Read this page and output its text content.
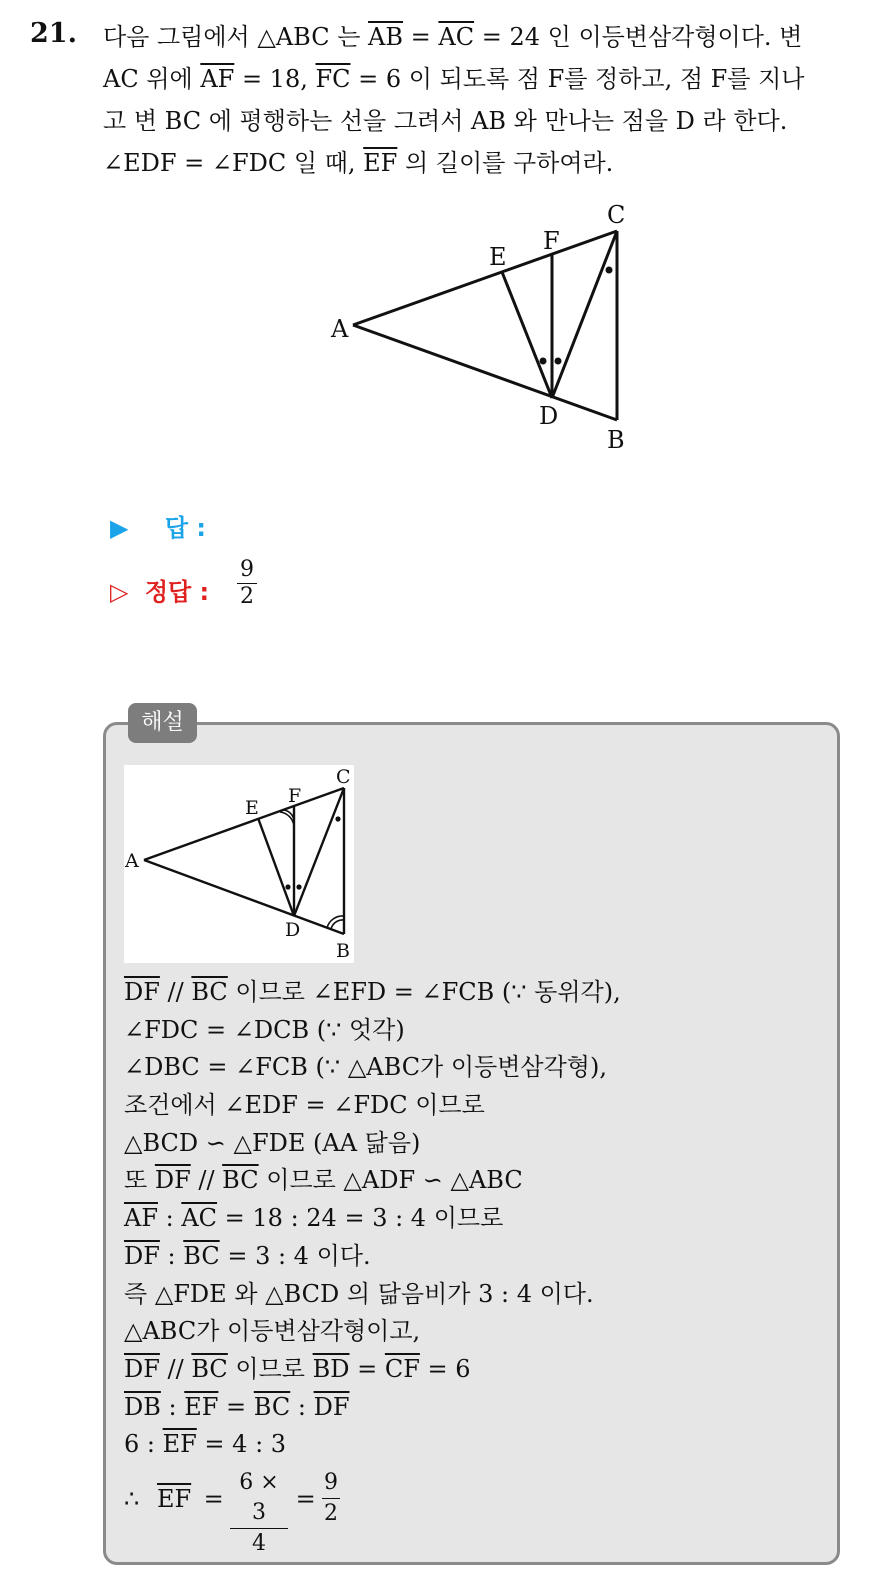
21. 다음 그림에서 △ABC 는 $\overline{AB} = \overline{AC} = 24$ 인 이등변삼각형이다. 변
AC 위에 $\overline{AF} = 18$, $\overline{FC} = 6$ 이 되도록 점 F를 정하고, 점 F를 지나
고 변 BC 에 평행하는 선을 그려서 AB 와 만나는 점을 D 라 한다.
∠EDF = ∠FDC 일 때, $\overline{EF}$ 의 길이를 구하여라.
A
B
C
D
E
F
▶ 답 :
▷ 정답 :
9
2
해설
A
B
C
D
E
F
$\overline{DF} // \overline{BC}$ 이므로 ∠EFD = ∠FCB (∵ 동위각),
∠FDC = ∠DCB (∵ 엇각)
∠DBC = ∠FCB (∵ △ABC가 이등변삼각형),
조건에서 ∠EDF = ∠FDC 이므로
△BCD ∽ △FDE (AA 닮음)
또 $\overline{DF} // \overline{BC}$ 이므로 △ADF ∽ △ABC
$\overline{AF}$ : $\overline{AC} = 18$ : 24 = 3 : 4 이므로
$\overline{DF}$ : $\overline{BC} = 3$ : 4 이다.
즉 △FDE 와 △BCD 의 닮음비가 3 : 4 이다.
△ABC가 이등변삼각형이고,
$\overline{DF} // \overline{BC}$ 이므로 $\overline{BD} = \overline{CF} = 6$
$\overline{DB}$ : $\overline{EF} = \overline{BC}$ : $\overline{DF}$
6 : $\overline{EF} = 4$ : 3
∴ $\overline{EF}$ =
6 × 3
4
=
9
2
